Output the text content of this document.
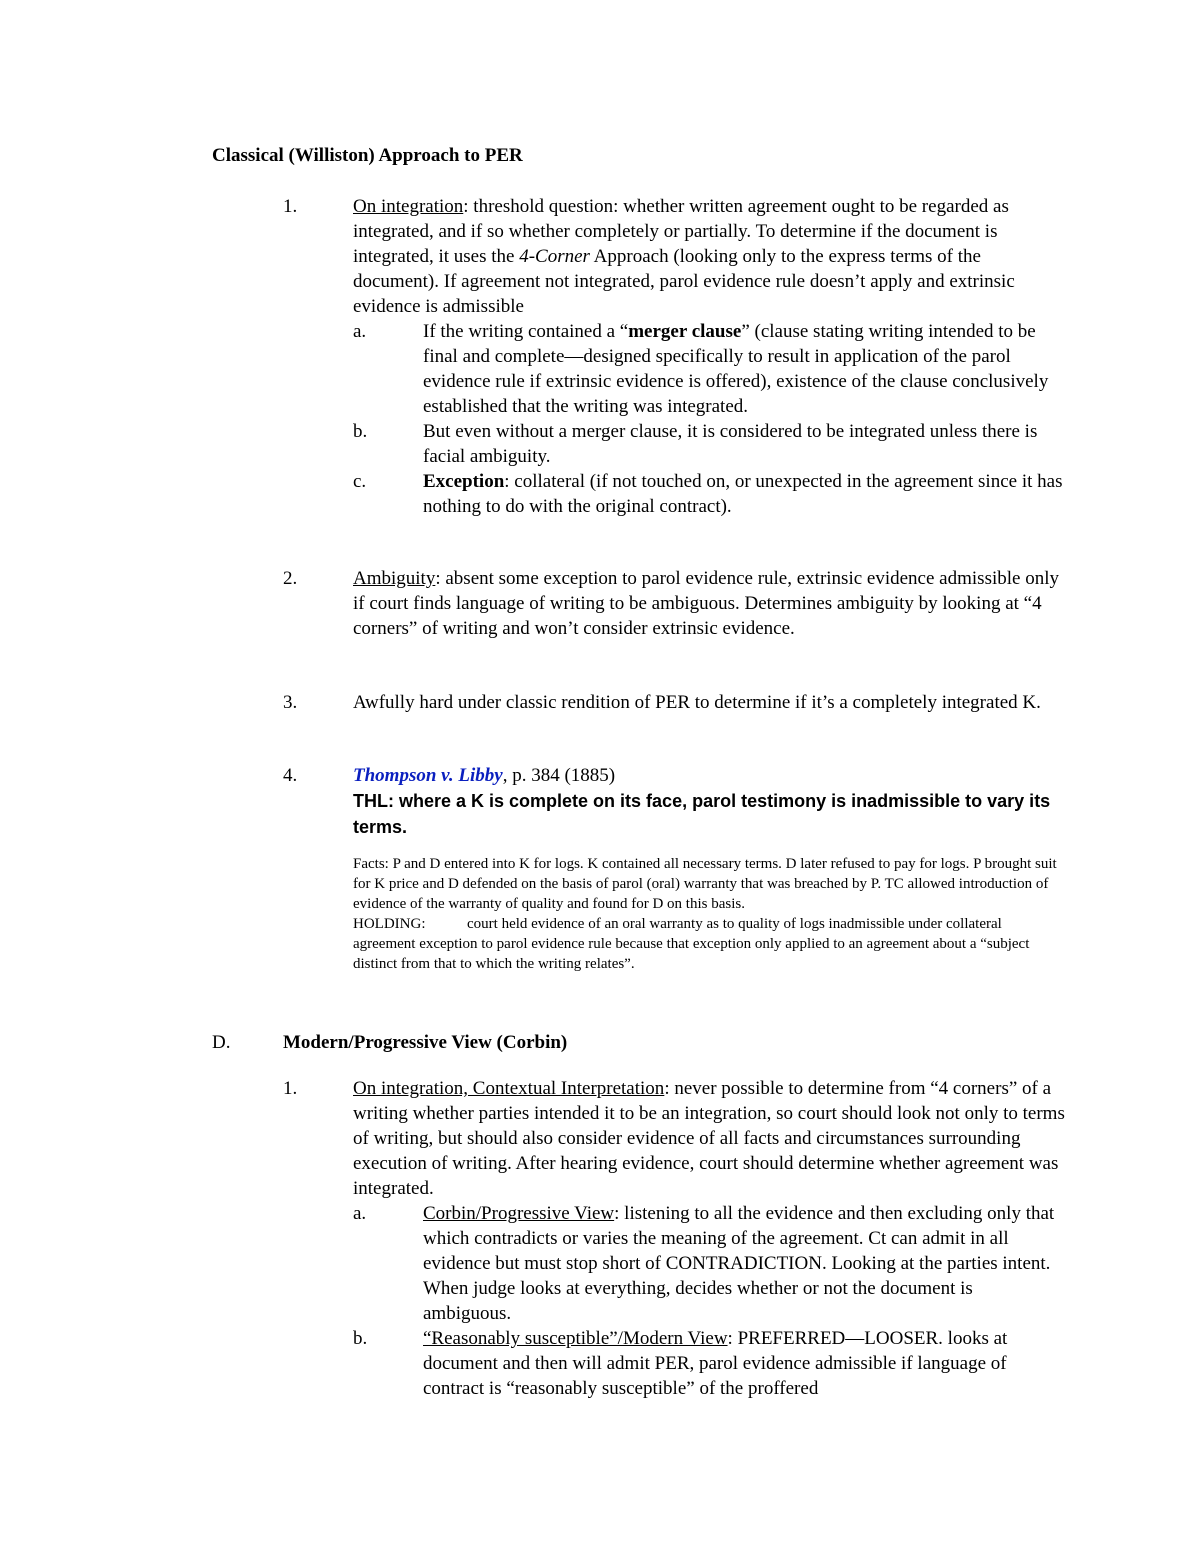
Classical (Williston) Approach to PER
1.	On integration: threshold question: whether written agreement ought to be regarded as integrated, and if so whether completely or partially. To determine if the document is integrated, it uses the 4-Corner Approach (looking only to the express terms of the document). If agreement not integrated, parol evidence rule doesn’t apply and extrinsic evidence is admissible
a.	If the writing contained a “merger clause” (clause stating writing intended to be final and complete—designed specifically to result in application of the parol evidence rule if extrinsic evidence is offered), existence of the clause conclusively established that the writing was integrated.
b.	But even without a merger clause, it is considered to be integrated unless there is facial ambiguity.
c.	Exception: collateral (if not touched on, or unexpected in the agreement since it has nothing to do with the original contract).
2.	Ambiguity: absent some exception to parol evidence rule, extrinsic evidence admissible only if court finds language of writing to be ambiguous. Determines ambiguity by looking at “4 corners” of writing and won’t consider extrinsic evidence.
3.	Awfully hard under classic rendition of PER to determine if it’s a completely integrated K.
4.	Thompson v. Libby, p. 384 (1885)
THL: where a K is complete on its face, parol testimony is inadmissible to vary its terms.
Facts: P and D entered into K for logs. K contained all necessary terms. D later refused to pay for logs. P brought suit for K price and D defended on the basis of parol (oral) warranty that was breached by P. TC allowed introduction of evidence of the warranty of quality and found for D on this basis.
HOLDING:	court held evidence of an oral warranty as to quality of logs inadmissible under collateral agreement exception to parol evidence rule because that exception only applied to an agreement about a “subject distinct from that to which the writing relates”.
D.	Modern/Progressive View (Corbin)
1.	On integration, Contextual Interpretation: never possible to determine from “4 corners” of a writing whether parties intended it to be an integration, so court should look not only to terms of writing, but should also consider evidence of all facts and circumstances surrounding execution of writing. After hearing evidence, court should determine whether agreement was integrated.
a.	Corbin/Progressive View: listening to all the evidence and then excluding only that which contradicts or varies the meaning of the agreement. Ct can admit in all evidence but must stop short of CONTRADICTION. Looking at the parties intent. When judge looks at everything, decides whether or not the document is ambiguous.
b.	“Reasonably susceptible”/Modern View: PREFERRED—LOOSER. looks at document and then will admit PER, parol evidence admissible if language of contract is “reasonably susceptible” of the proffered
